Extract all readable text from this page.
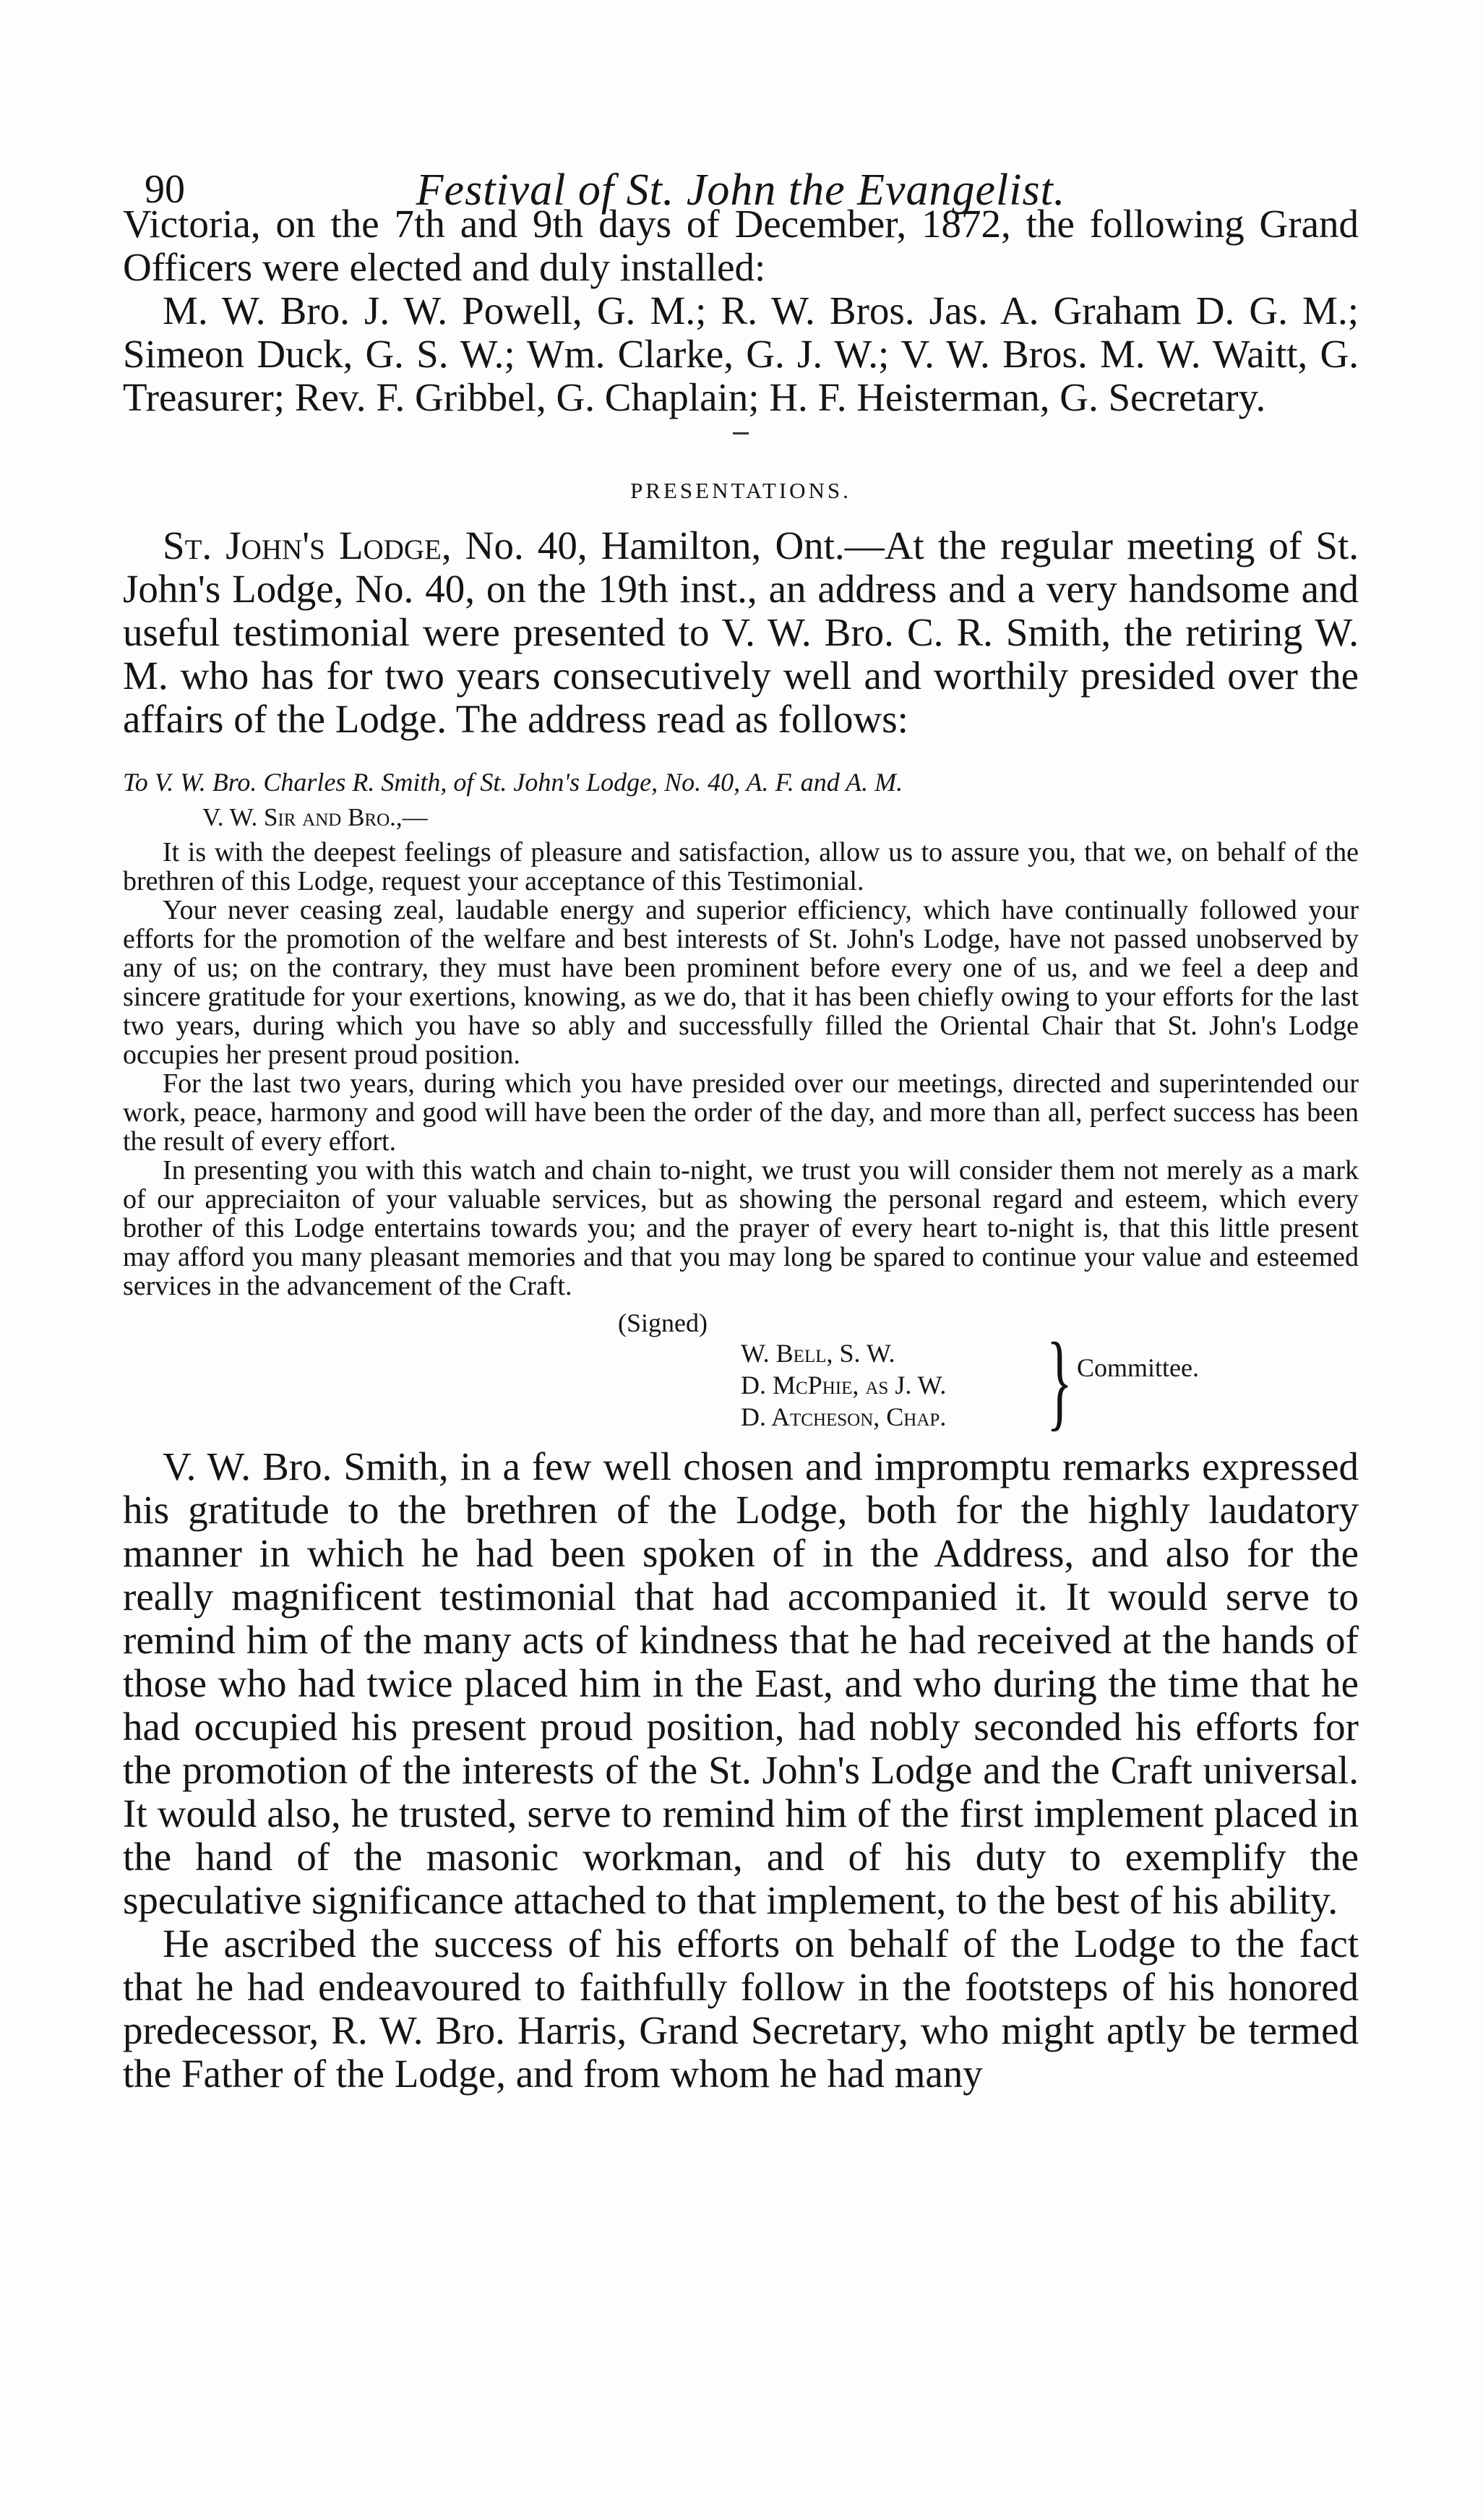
90	Festival of St. John the Evangelist.

Victoria, on the 7th and 9th days of December, 1872, the following Grand Officers were elected and duly installed:

M. W. Bro. J. W. Powell, G. M.; R. W. Bros. Jas. A. Graham D. G. M.; Simeon Duck, G. S. W.; Wm. Clarke, G. J. W.; V. W. Bros. M. W. Waitt, G. Treasurer; Rev. F. Gribbel, G. Chaplain; H. F. Heisterman, G. Secretary.

PRESENTATIONS.

St. John's Lodge, No. 40, Hamilton, Ont.—At the regular meeting of St. John's Lodge, No. 40, on the 19th inst., an address and a very handsome and useful testimonial were presented to V. W. Bro. C. R. Smith, the retiring W. M. who has for two years consecutively well and worthily presided over the affairs of the Lodge. The address read as follows:

To V. W. Bro. Charles R. Smith, of St. John's Lodge, No. 40, A. F. and A. M.
V. W. Sir and Bro.,—

It is with the deepest feelings of pleasure and satisfaction, allow us to assure you, that we, on behalf of the brethren of this Lodge, request your acceptance of this Testimonial.

Your never ceasing zeal, laudable energy and superior efficiency, which have continually followed your efforts for the promotion of the welfare and best interests of St. John's Lodge, have not passed unobserved by any of us; on the contrary, they must have been prominent before every one of us, and we feel a deep and sincere gratitude for your exertions, knowing, as we do, that it has been chiefly owing to your efforts for the last two years, during which you have so ably and successfully filled the Oriental Chair that St. John's Lodge occupies her present proud position.

For the last two years, during which you have presided over our meetings, directed and superintended our work, peace, harmony and good will have been the order of the day, and more than all, perfect success has been the result of every effort.

In presenting you with this watch and chain to-night, we trust you will consider them not merely as a mark of our appreciaiton of your valuable services, but as showing the personal regard and esteem, which every brother of this Lodge entertains towards you; and the prayer of every heart to-night is, that this little present may afford you many pleasant memories and that you may long be spared to continue your value and esteemed services in the advancement of the Craft.

(Signed)
W. Bell, S. W.
D. McPhie, as J. W.
D. Atcheson, Chap. } Committee.

V. W. Bro. Smith, in a few well chosen and impromptu remarks expressed his gratitude to the brethren of the Lodge, both for the highly laudatory manner in which he had been spoken of in the Address, and also for the really magnificent testimonial that had accompanied it. It would serve to remind him of the many acts of kindness that he had received at the hands of those who had twice placed him in the East, and who during the time that he had occupied his present proud position, had nobly seconded his efforts for the promotion of the interests of the St. John's Lodge and the Craft universal. It would also, he trusted, serve to remind him of the first implement placed in the hand of the masonic workman, and of his duty to exemplify the speculative significance attached to that implement, to the best of his ability.

He ascribed the success of his efforts on behalf of the Lodge to the fact that he had endeavoured to faithfully follow in the footsteps of his honored predecessor, R. W. Bro. Harris, Grand Secretary, who might aptly be termed the Father of the Lodge, and from whom he had many
